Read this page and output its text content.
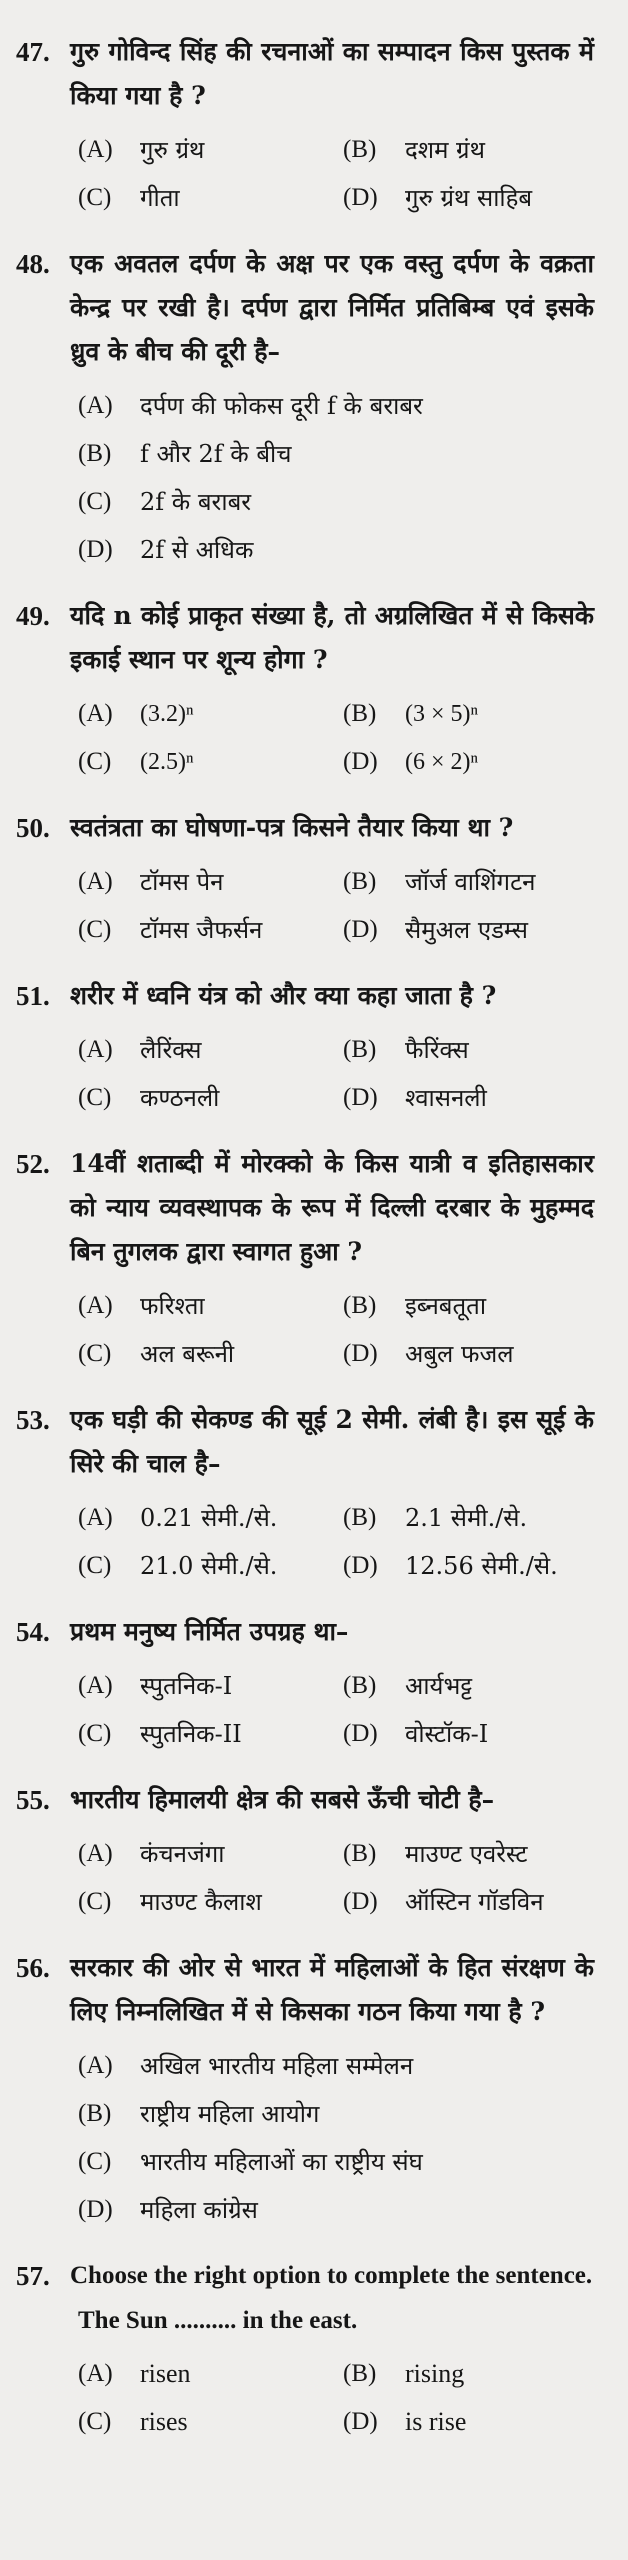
47. गुरु गोविन्द सिंह की रचनाओं का सम्पादन किस पुस्तक में किया गया है ?
(A)	गुरु ग्रंथ	(B)	दशम ग्रंथ
(C)	गीता	(D)	गुरु ग्रंथ साहिब
48. एक अवतल दर्पण के अक्ष पर एक वस्तु दर्पण के वक्रता केन्द्र पर रखी है। दर्पण द्वारा निर्मित प्रतिबिम्ब एवं इसके ध्रुव के बीच की दूरी है–
(A)	दर्पण की फोकस दूरी f के बराबर
(B)	f और 2f के बीच
(C)	2f के बराबर
(D)	2f से अधिक
49. यदि n कोई प्राकृत संख्या है, तो अग्रलिखित में से किसके इकाई स्थान पर शून्य होगा ?
(A)	(3.2)ⁿ	(B)	(3 × 5)ⁿ
(C)	(2.5)ⁿ	(D)	(6 × 2)ⁿ
50. स्वतंत्रता का घोषणा-पत्र किसने तैयार किया था ?
(A)	टॉमस पेन	(B)	जॉर्ज वाशिंगटन
(C)	टॉमस जैफर्सन	(D)	सैमुअल एडम्स
51. शरीर में ध्वनि यंत्र को और क्या कहा जाता है ?
(A)	लैरिंक्स	(B)	फैरिंक्स
(C)	कण्ठनली	(D)	श्वासनली
52. 14वीं शताब्दी में मोरक्को के किस यात्री व इतिहासकार को न्याय व्यवस्थापक के रूप में दिल्ली दरबार के मुहम्मद बिन तुगलक द्वारा स्वागत हुआ ?
(A)	फरिश्ता	(B)	इब्नबतूता
(C)	अल बरूनी	(D)	अबुल फजल
53. एक घड़ी की सेकण्ड की सूई 2 सेमी. लंबी है। इस सूई के सिरे की चाल है–
(A)	0.21 सेमी./से.	(B)	2.1 सेमी./से.
(C)	21.0 सेमी./से.	(D)	12.56 सेमी./से.
54. प्रथम मनुष्य निर्मित उपग्रह था–
(A)	स्पुतनिक-I	(B)	आर्यभट्ट
(C)	स्पुतनिक-II	(D)	वोस्टॉक-I
55. भारतीय हिमालयी क्षेत्र की सबसे ऊँची चोटी है–
(A)	कंचनजंगा	(B)	माउण्ट एवरेस्ट
(C)	माउण्ट कैलाश	(D)	ऑस्टिन गॉडविन
56. सरकार की ओर से भारत में महिलाओं के हित संरक्षण के लिए निम्नलिखित में से किसका गठन किया गया है ?
(A)	अखिल भारतीय महिला सम्मेलन
(B)	राष्ट्रीय महिला आयोग
(C)	भारतीय महिलाओं का राष्ट्रीय संघ
(D)	महिला कांग्रेस
57. Choose the right option to complete the sentence.
The Sun .......... in the east.
(A)	risen	(B)	rising
(C)	rises	(D)	is rise
